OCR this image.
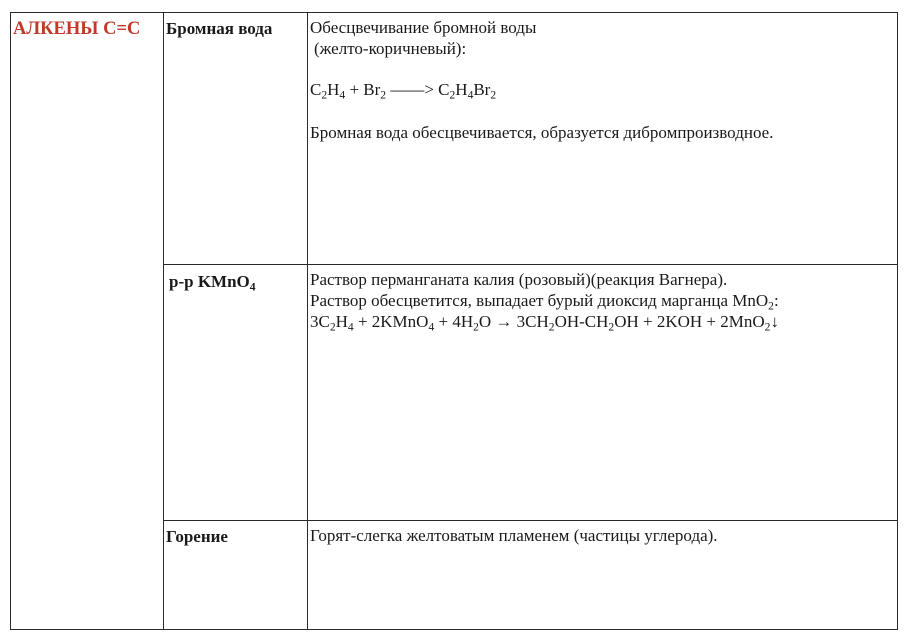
АЛКЕНЫ С=С	Бромная вода	Обесцвечивание бромной воды
(желто-коричневый):
$C_2H_4 + Br_2$ ——> $C_2H_4Br_2$
Бромная вода обесцвечивается, образуется дибромпроизводное.

	р-р KMnO$_4$	Раствор перманганата калия (розовый)(реакция Вагнера).
Раствор обесцветится, выпадает бурый диоксид марганца MnO$_2$:
$3C_2H_4$ + 2KMnO$_4$ + $4H_2O \to 3CH_2OH-CH_2OH + 2KOH$ + 2MnO$_2$↓

	Горение	Горят-слегка желтоватым пламенем (частицы углерода).
